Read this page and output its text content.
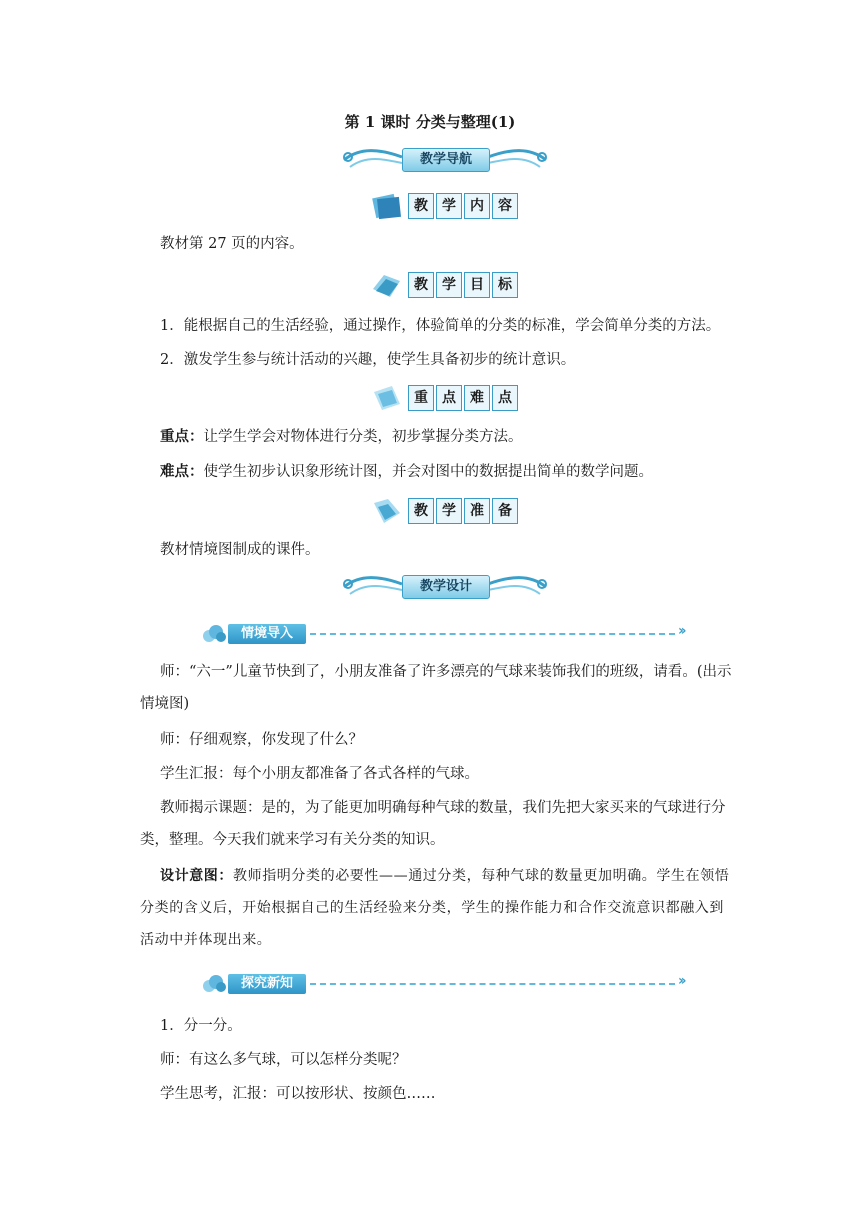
第 1 课时 分类与整理(1)
教学导航
教	学	内	容

教材第 27 页的内容。

教	学	目	标

1．能根据自己的生活经验，通过操作，体验简单的分类的标准，学会简单分类的方法。

2．激发学生参与统计活动的兴趣，使学生具备初步的统计意识。

重	点	难	点

重点：让学生学会对物体进行分类，初步掌握分类方法。

难点：使学生初步认识象形统计图，并会对图中的数据提出简单的数学问题。

教	学	准	备

教材情境图制成的课件。

教学设计
情境导入	››

师：“六一”儿童节快到了，小朋友准备了许多漂亮的气球来装饰我们的班级，请看。(出示情境图)

师：仔细观察，你发现了什么？

学生汇报：每个小朋友都准备了各式各样的气球。

教师揭示课题：是的，为了能更加明确每种气球的数量，我们先把大家买来的气球进行分类，整理。今天我们就来学习有关分类的知识。

设计意图：教师指明分类的必要性——通过分类，每种气球的数量更加明确。学生在领悟分类的含义后，开始根据自己的生活经验来分类，学生的操作能力和合作交流意识都融入到活动中并体现出来。

探究新知	››

1．分一分。

师：有这么多气球，可以怎样分类呢？

学生思考，汇报：可以按形状、按颜色……
